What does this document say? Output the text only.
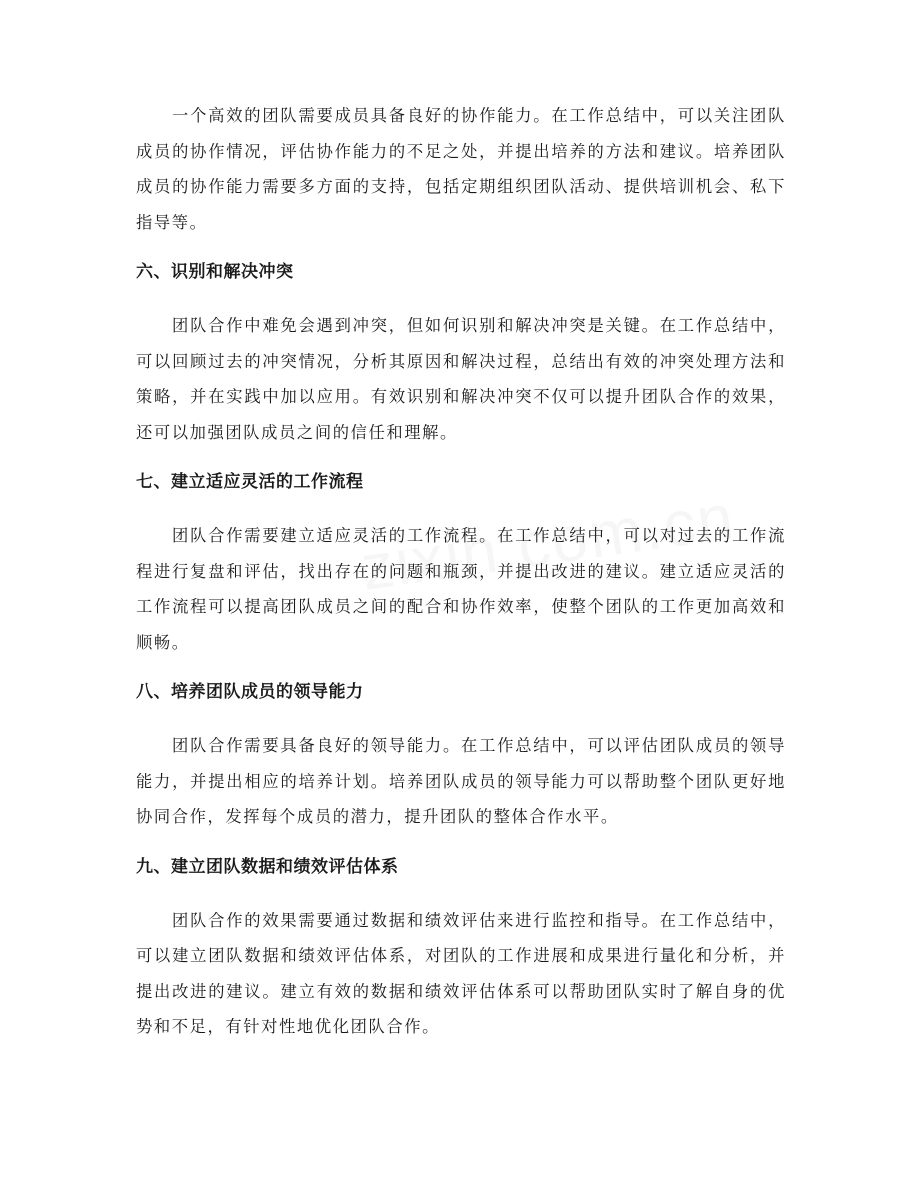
一个高效的团队需要成员具备良好的协作能力。在工作总结中，可以关注团队成员的协作情况，评估协作能力的不足之处，并提出培养的方法和建议。培养团队成员的协作能力需要多方面的支持，包括定期组织团队活动、提供培训机会、私下指导等。

六、识别和解决冲突

团队合作中难免会遇到冲突，但如何识别和解决冲突是关键。在工作总结中，可以回顾过去的冲突情况，分析其原因和解决过程，总结出有效的冲突处理方法和策略，并在实践中加以应用。有效识别和解决冲突不仅可以提升团队合作的效果，还可以加强团队成员之间的信任和理解。

七、建立适应灵活的工作流程

团队合作需要建立适应灵活的工作流程。在工作总结中，可以对过去的工作流程进行复盘和评估，找出存在的问题和瓶颈，并提出改进的建议。建立适应灵活的工作流程可以提高团队成员之间的配合和协作效率，使整个团队的工作更加高效和顺畅。

八、培养团队成员的领导能力

团队合作需要具备良好的领导能力。在工作总结中，可以评估团队成员的领导能力，并提出相应的培养计划。培养团队成员的领导能力可以帮助整个团队更好地协同合作，发挥每个成员的潜力，提升团队的整体合作水平。

九、建立团队数据和绩效评估体系

团队合作的效果需要通过数据和绩效评估来进行监控和指导。在工作总结中，可以建立团队数据和绩效评估体系，对团队的工作进展和成果进行量化和分析，并提出改进的建议。建立有效的数据和绩效评估体系可以帮助团队实时了解自身的优势和不足，有针对性地优化团队合作。
